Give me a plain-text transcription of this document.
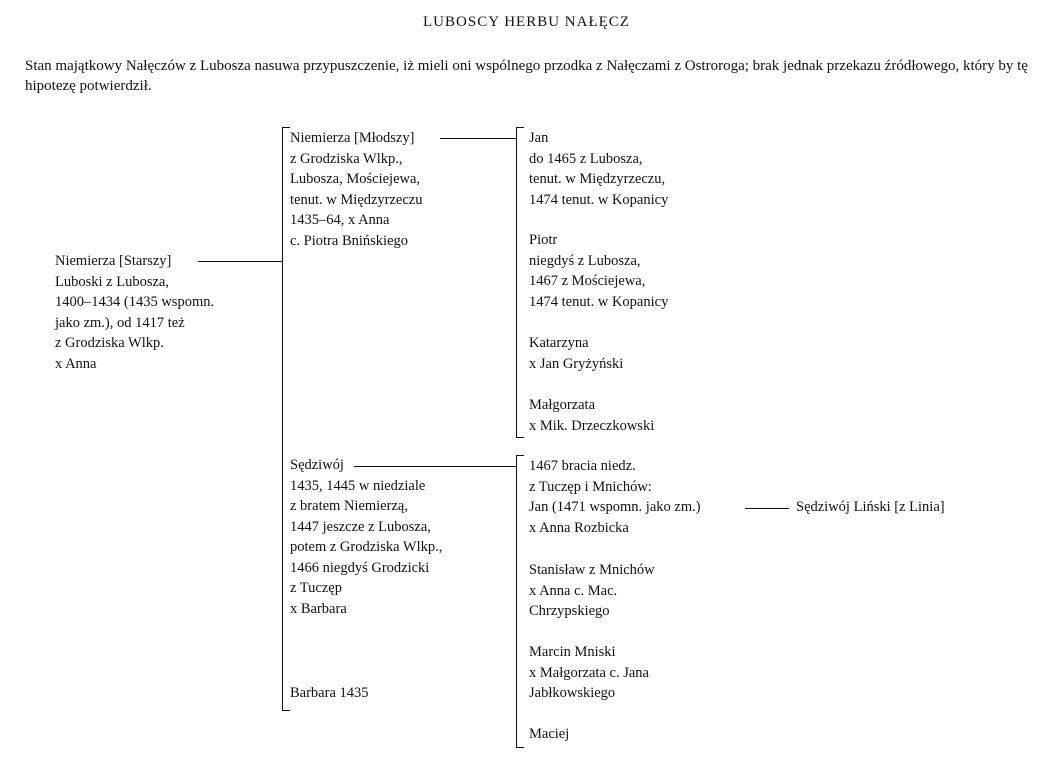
LUBOSCY HERBU NAŁĘCZ
Stan majątkowy Nałęczów z Lubosza nasuwa przypuszczenie, iż mieli oni wspólnego przodka z Nałęczami z Ostroroga; brak jednak przekazu źródłowego, który by tę hipotezę potwierdził.
Niemierza [Starszy]
Luboski z Lubosza,
1400–1434 (1435 wspomn.
jako zm.), od 1417 też
z Grodziska Wlkp.
x Anna
Niemierza [Młodszy]
z Grodziska Wlkp.,
Lubosza, Mościejewa,
tenut. w Międzyrzeczu
1435–64, x Anna
c. Piotra Bnińskiego
Sędziwój
1435, 1445 w niedziale
z bratem Niemierzą,
1447 jeszcze z Lubosza,
potem z Grodziska Wlkp.,
1466 niegdyś Grodzicki
z Tuczęp
x Barbara
Barbara 1435
Jan
do 1465 z Lubosza,
tenut. w Międzyrzeczu,
1474 tenut. w Kopanicy
Piotr
niegdyś z Lubosza,
1467 z Mościejewa,
1474 tenut. w Kopanicy
Katarzyna
x Jan Gryżyński
Małgorzata
x Mik. Drzeczkowski
1467 bracia niedz.
z Tuczęp i Mnichów:
Jan (1471 wspomn. jako zm.)
x Anna Rozbicka
Sędziwój Liński [z Linia]
Stanisław z Mnichów
x Anna c. Mac.
Chrzypskiego
Marcin Mniski
x Małgorzata c. Jana
Jabłkowskiego
Maciej
